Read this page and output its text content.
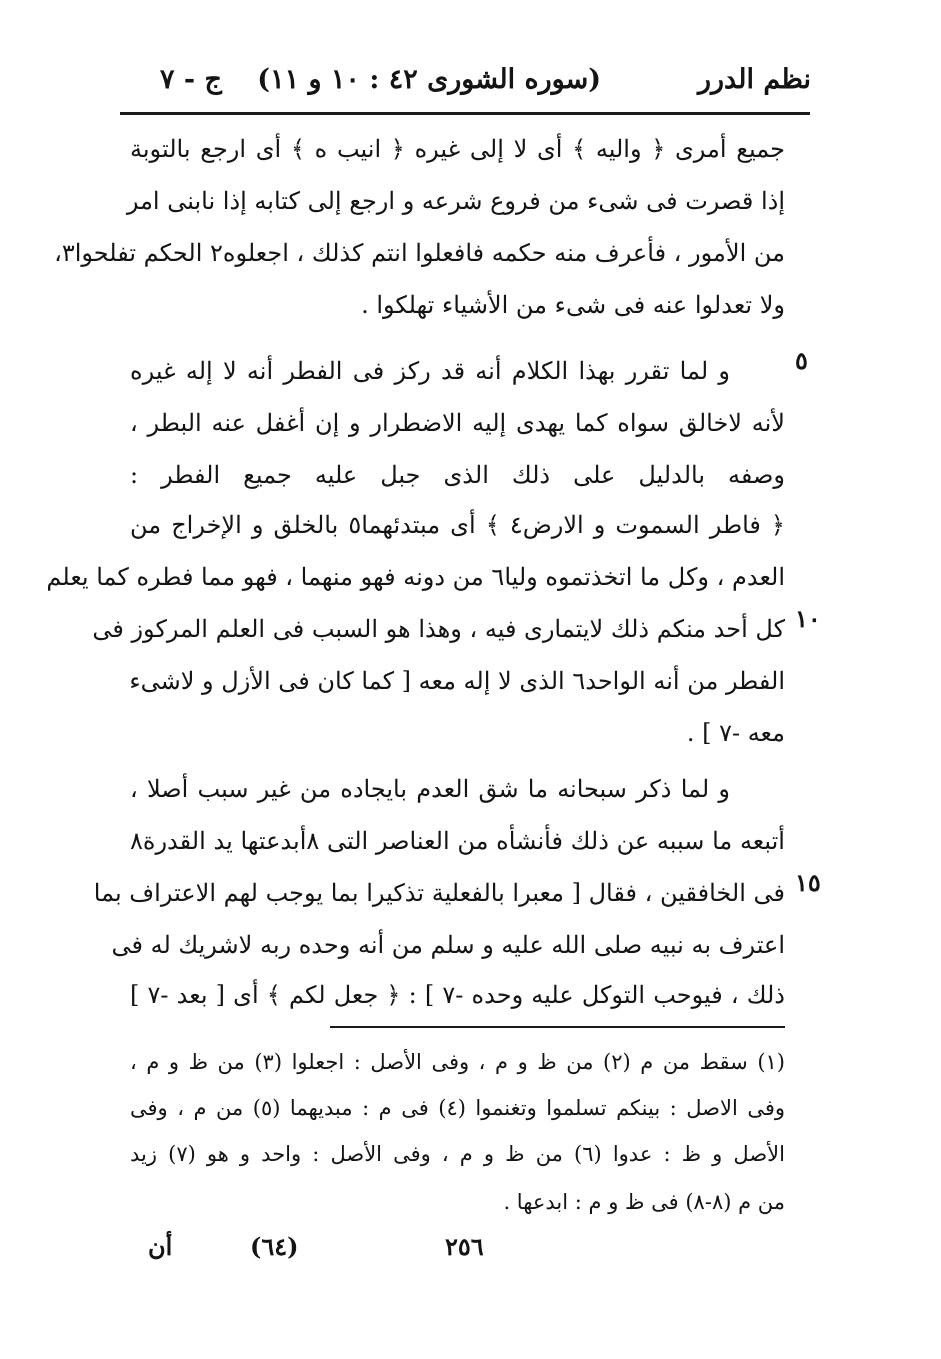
نظم الدرر
(سوره الشورى ٤٢ : ١٠ و ١١)
ج - ٧
جميع أمرى ﴿ واليه ﴾ أى لا إلى غيره ﴿ انيب ه ﴾ أى ارجع بالتوبة
إذا قصرت فى شىء من فروع شرعه و ارجع إلى كتابه إذا نابنى امر
من الأمور ، فأعرف منه حكمه فافعلوا انتم كذلك ، اجعلوه٢ الحكم تفلحوا٣،
ولا تعدلوا عنه فى شىء من الأشياء تهلكوا .
٥
و لما تقرر بهذا الكلام أنه قد ركز فى الفطر أنه لا إله غيره
لأنه لاخالق سواه كما يهدى إليه الاضطرار و إن أغفل عنه البطر ،
وصفه بالدليل على ذلك الذى جبل عليه جميع الفطر :
﴿ فاطر السموت و الارض٤ ﴾ أى مبتدئهما٥ بالخلق و الإخراج من
العدم ، وكل ما اتخذتموه وليا٦ من دونه فهو منهما ، فهو مما فطره كما يعلم
١٠
كل أحد منكم ذلك لايتمارى فيه ، وهذا هو السبب فى العلم المركوز فى
الفطر من أنه الواحد٦ الذى لا إله معه [ كما كان فى الأزل و لاشىء
معه -٧ ] .
و لما ذكر سبحانه ما شق العدم بايجاده من غير سبب أصلا ،
أتبعه ما سببه عن ذلك فأنشأه من العناصر التى ٨أبدعتها يد القدرة٨
١٥
فى الخافقين ، فقال [ معبرا بالفعلية تذكيرا بما يوجب لهم الاعتراف بما
اعترف به نبيه صلى الله عليه و سلم من أنه وحده ربه لاشريك له فى
ذلك ، فيوحب التوكل عليه وحده -٧ ] : ﴿ جعل لكم ﴾ أى [ بعد -٧ ]
(١) سقط من م (٢) من ظ و م ، وفى الأصل : اجعلوا (٣) من ظ و م ،
وفى الاصل : بينكم تسلموا وتغنموا (٤) فى م : مبديهما (٥) من م ، وفى
الأصل و ظ : عدوا (٦) من ظ و م ، وفى الأصل : واحد و هو (٧) زيد
من م (٨-٨) فى ظ و م : ابدعها .
أن	(٦٤)	٢٥٦
